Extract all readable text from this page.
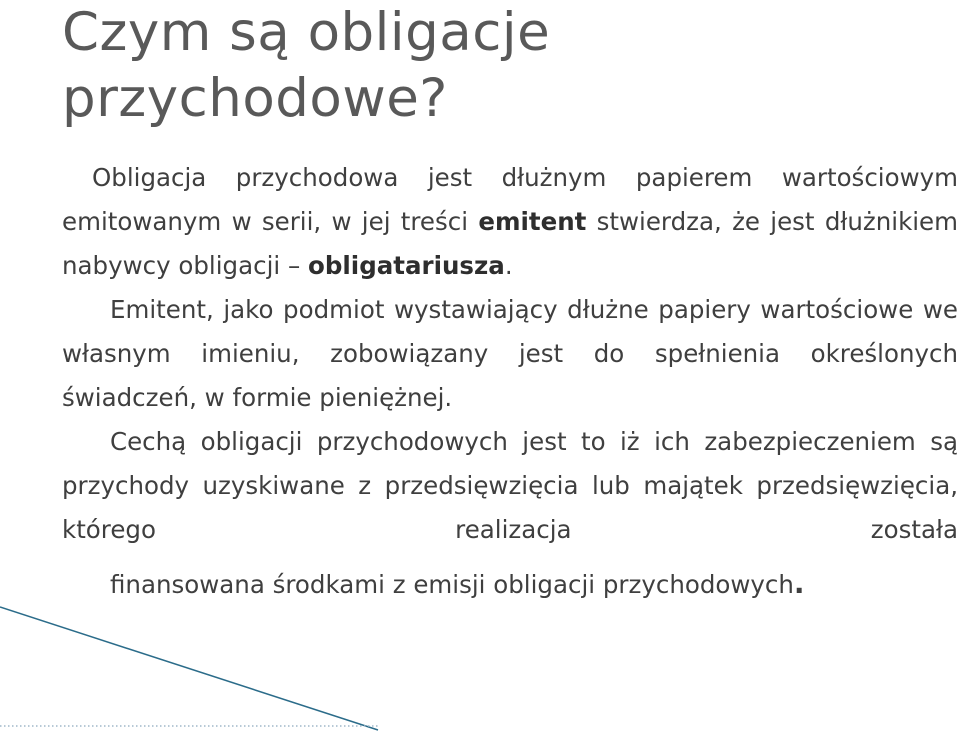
Czym są obligacje
przychodowe?

Obligacja przychodowa jest dłużnym papierem wartościowym emitowanym w serii, w jej treści emitent stwierdza, że jest dłużnikiem nabywcy obligacji – obligatariusza.

Emitent, jako podmiot wystawiający dłużne papiery wartościowe we własnym imieniu, zobowiązany jest do spełnienia określonych świadczeń, w formie pieniężnej.

Cechą obligacji przychodowych jest to iż ich zabezpieczeniem są przychody uzyskiwane z przedsięwzięcia lub majątek przedsięwzięcia, którego realizacja została finansowana środkami z emisji obligacji przychodowych.
